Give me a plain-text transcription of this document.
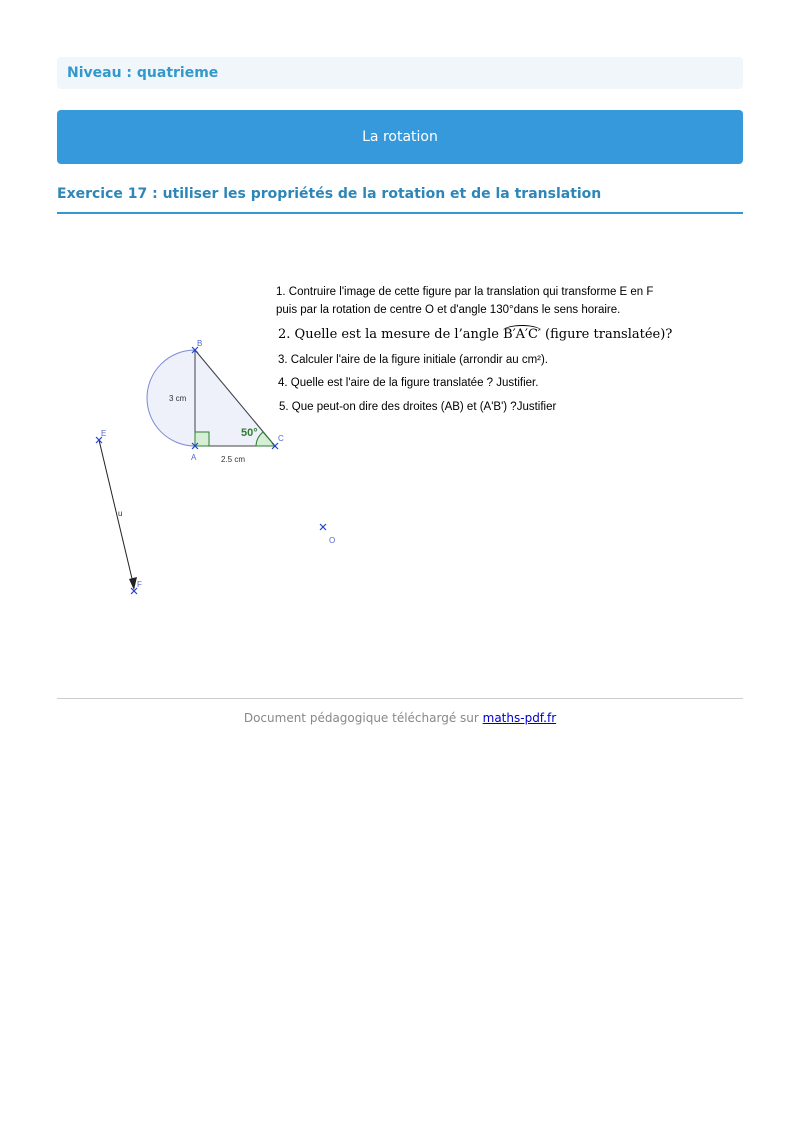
Niveau : quatrieme
La rotation
Exercice 17 : utiliser les propriétés de la rotation et de la translation
B
A
C
E
F
O
u
3 cm
2.5 cm
50°
1. Contruire l'image de cette figure par la translation qui transforme E en F
puis par la rotation de centre O et d'angle 130°dans le sens horaire.
2. Quelle est la mesure de l’angle B′A′C′ (figure translatée)?
3. Calculer l'aire de la figure initiale (arrondir au cm²).
4. Quelle est l'aire de la figure translatée ? Justifier.
5. Que peut-on dire des droites (AB) et (A'B') ?Justifier
Document pédagogique téléchargé sur maths-pdf.fr
